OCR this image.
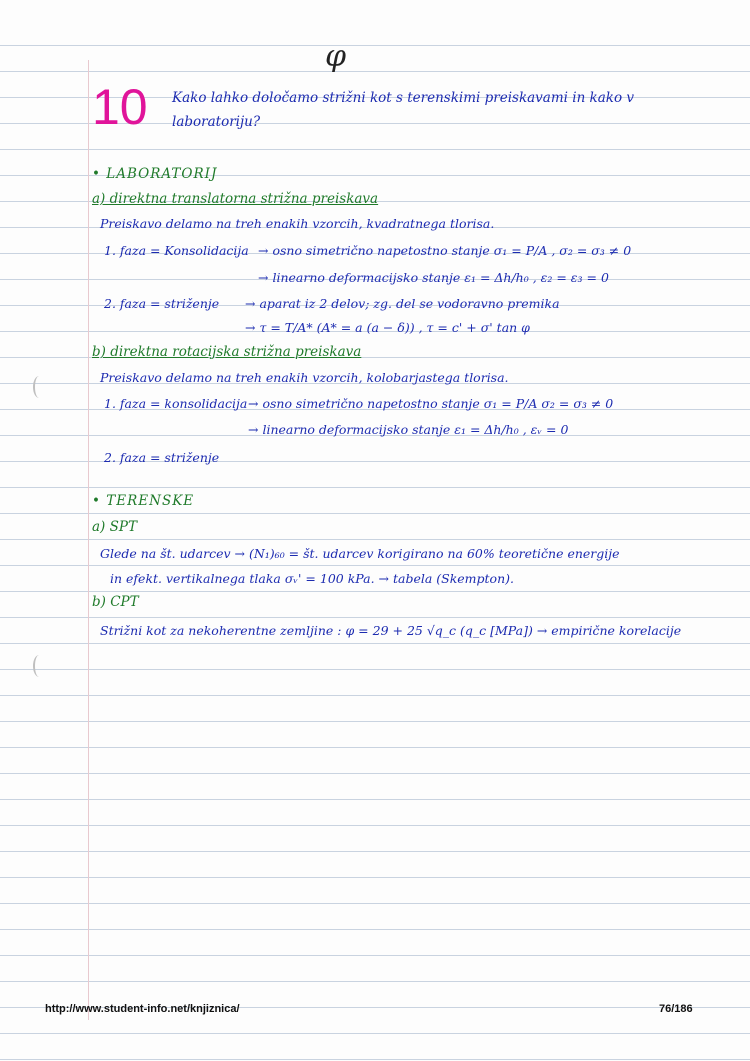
φ
10 Kako lahko določamo strižni kot s terenskimi preiskavami in kako v
laboratoriju?
• LABORATORIJ
a) direktna translatorna strižna preiskava
Preiskavo delamo na treh enakih vzorcih, kvadratnega tlorisa.
1. faza = Konsolidacija → osno simetrično napetostno stanje σ₁ = P/A , σ₂ = σ₃ ≠ 0
→ linearno deformacijsko stanje ε₁ = Δh/h₀ , ε₂ = ε₃ = 0
2. faza = striženje → aparat iz 2 delov; zg. del se vodoravno premika
→ τ = T/A* (A* = a (a − δ)) , τ = c' + σ' tan φ
b) direktna rotacijska strižna preiskava
Preiskavo delamo na treh enakih vzorcih, kolobarjastega tlorisa.
1. faza = konsolidacija → osno simetrično napetostno stanje σ₁ = P/A σ₂ = σ₃ ≠ 0
→ linearno deformacijsko stanje ε₁ = Δh/h₀ , εᵥ = 0
2. faza = striženje
• TERENSKE
a) SPT
Glede na št. udarcev → (N₁)₆₀ = št. udarcev korigirano na 60% teoretične energije
in efekt. vertikalnega tlaka σᵥ' = 100 kPa. → tabela (Skempton).
b) CPT
Strižni kot za nekoherentne zemljine : φ = 29 + 25 √q_c (q_c [MPa]) → empirične korelacije
http://www.student-info.net/knjiznica/	76/186
